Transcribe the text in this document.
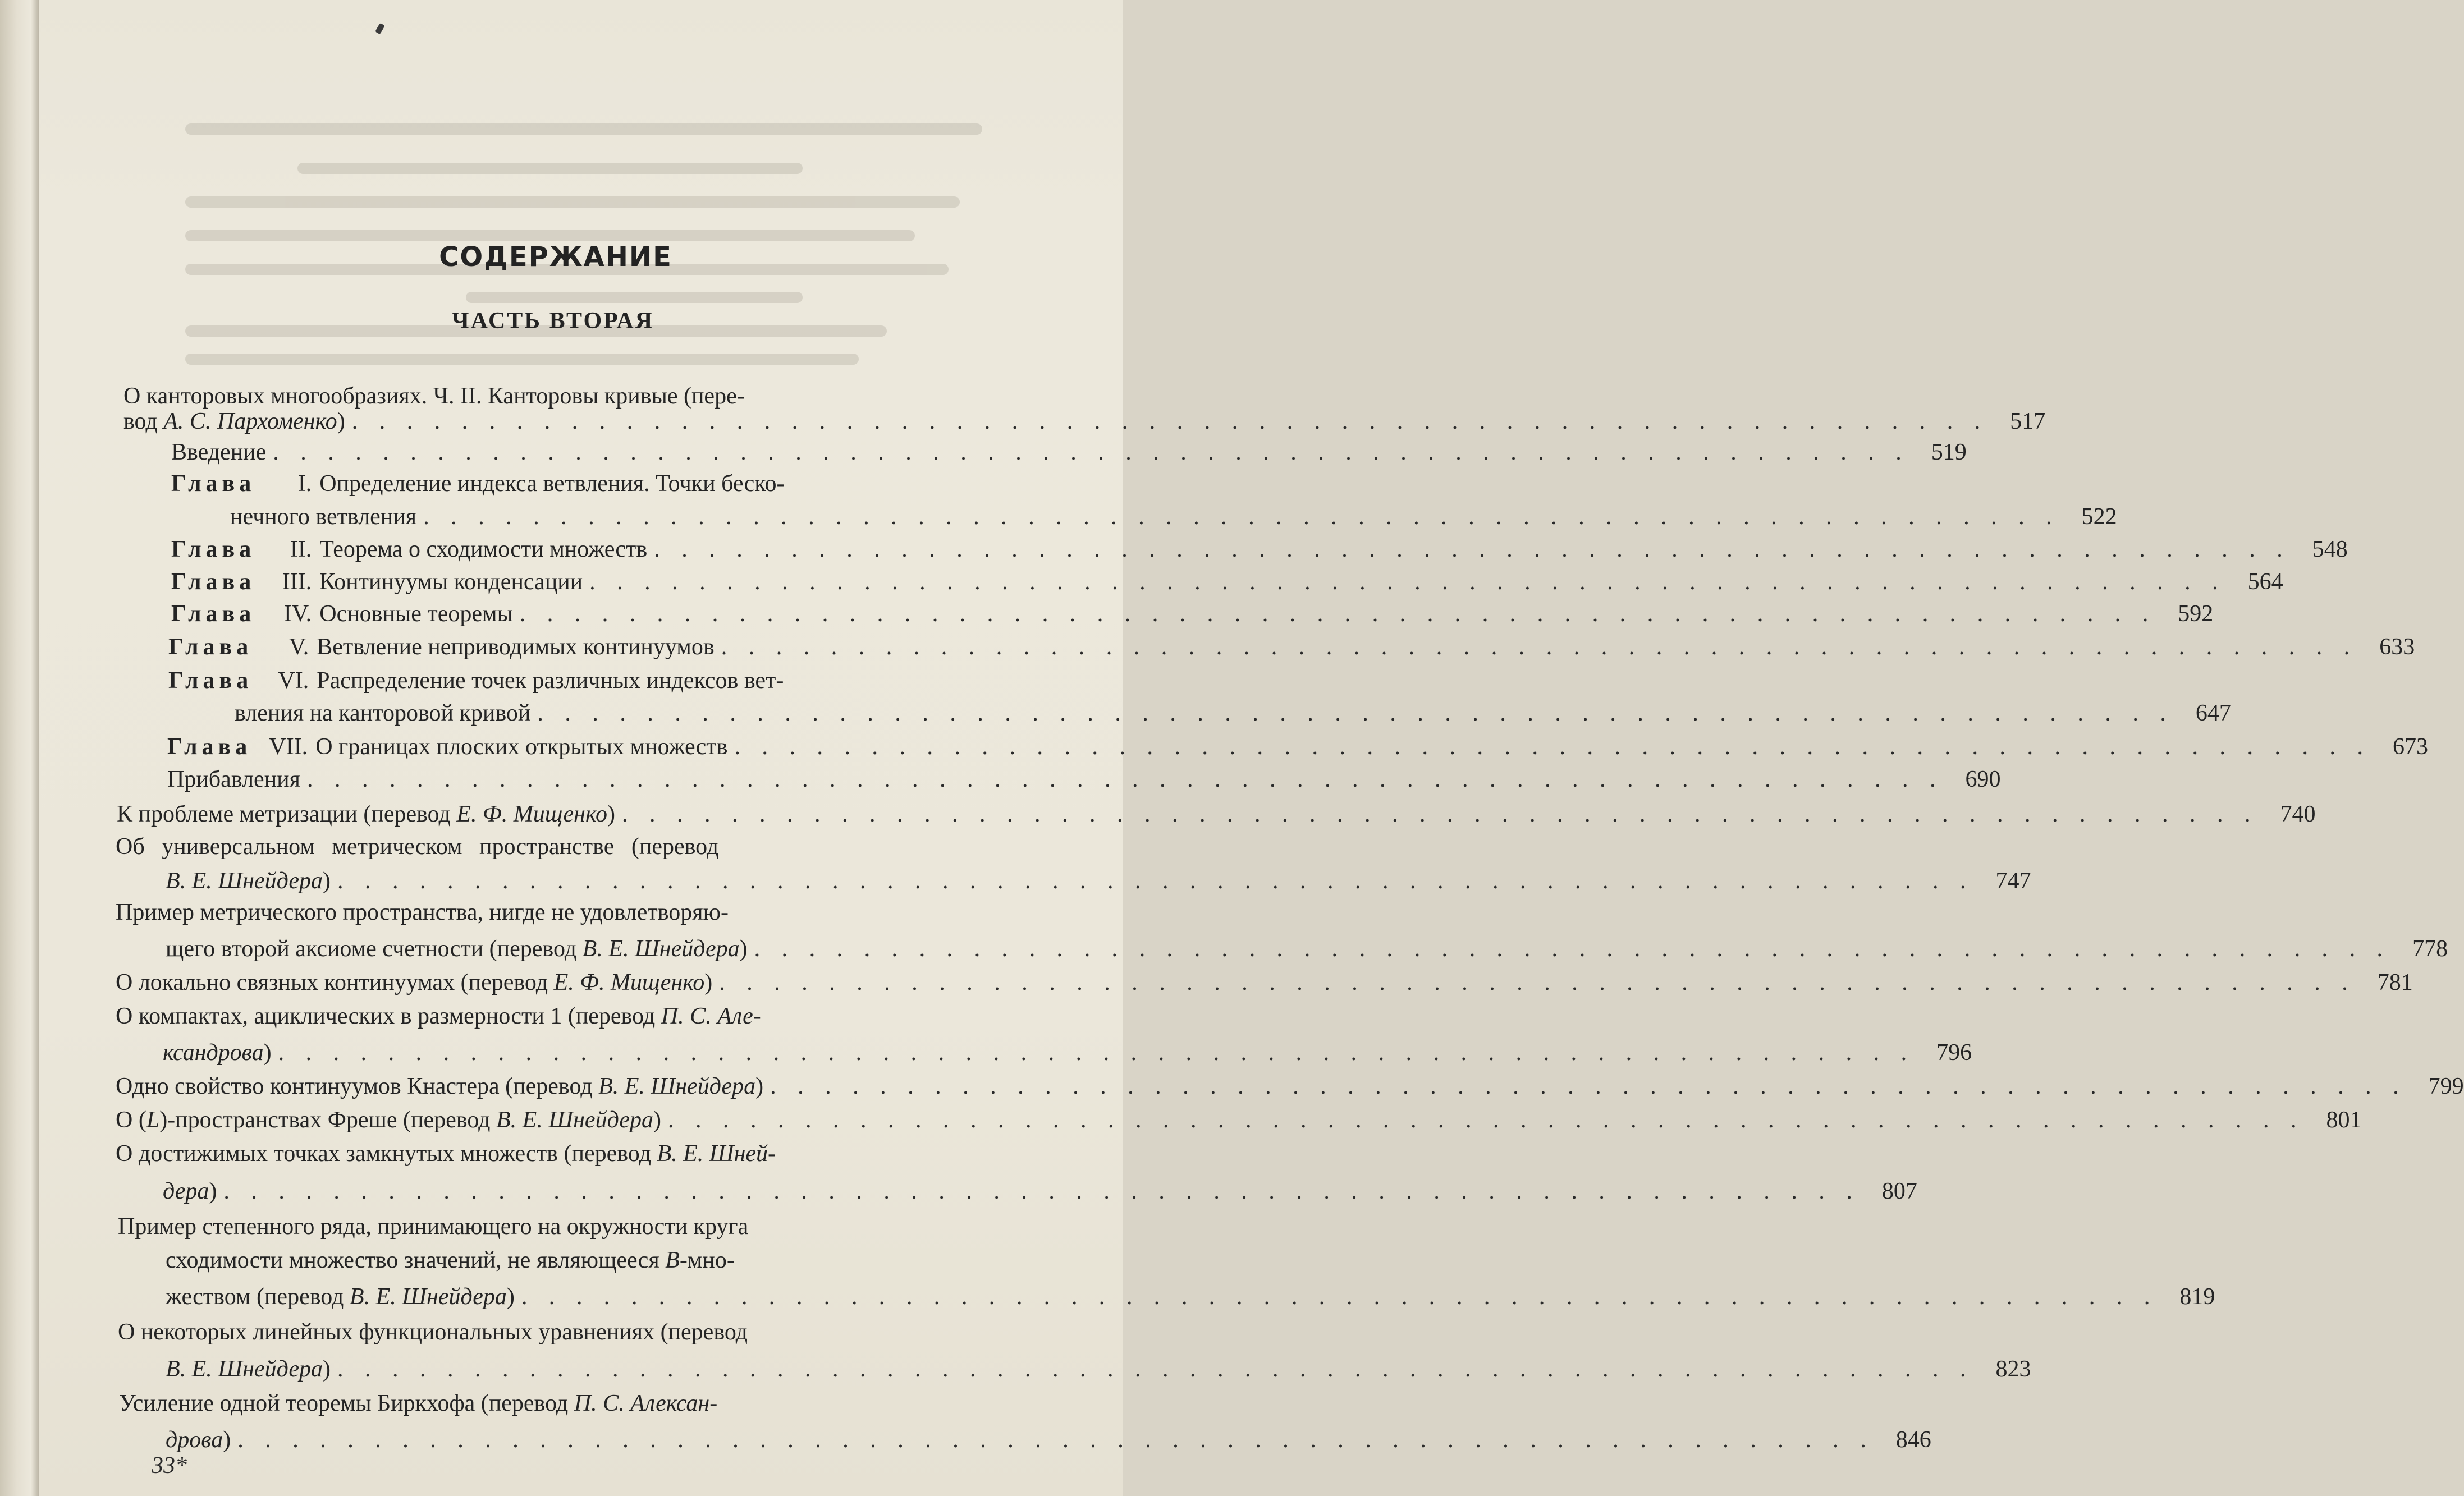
СОДЕРЖАНИЕ
ЧАСТЬ ВТОРАЯ
О канторовых многообразиях. Ч. II. Канторовы кривые (пере-
вод А. С. Пархоменко) . . . . . . . . . . . . . . . . . . . . . . . . . . . . . . . . . . . . . . . . . . . . . . . . . . . . . . . . . . . . 517
Введение . . . . . . . . . . . . . . . . . . . . . . . . . . . . . . . . . . . . . . . . . . . . . . . . . . . . . . . . . . . . 519
Глава	I. Определение индекса ветвления. Точки беско-
нечного ветвления . . . . . . . . . . . . . . . . . . . . . . . . . . . . . . . . . . . . . . . . . . . . . . . . . . . . . . . . . . . . 522
Глава	II. Теорема о сходимости множеств . . . . . . . . . . . . . . . . . . . . . . . . . . . . . . . . . . . . . . . . . . . . . . . . . . . . . . . . . . . . 548
Глава	III. Континуумы конденсации . . . . . . . . . . . . . . . . . . . . . . . . . . . . . . . . . . . . . . . . . . . . . . . . . . . . . . . . . . . . 564
Глава	IV. Основные теоремы . . . . . . . . . . . . . . . . . . . . . . . . . . . . . . . . . . . . . . . . . . . . . . . . . . . . . . . . . . . . 592
Глава	V. Ветвление неприводимых континуумов . . . . . . . . . . . . . . . . . . . . . . . . . . . . . . . . . . . . . . . . . . . . . . . . . . . . . . . . . . . . 633
Глава	VI. Распределение точек различных индексов вет-
вления на канторовой кривой . . . . . . . . . . . . . . . . . . . . . . . . . . . . . . . . . . . . . . . . . . . . . . . . . . . . . . . . . . . . 647
Глава VII. О границах плоских открытых множеств . . . . . . . . . . . . . . . . . . . . . . . . . . . . . . . . . . . . . . . . . . . . . . . . . . . . . . . . . . . . 673
Прибавления . . . . . . . . . . . . . . . . . . . . . . . . . . . . . . . . . . . . . . . . . . . . . . . . . . . . . . . . . . . . 690
К проблеме метризации (перевод Е. Ф. Мищенко) . . . . . . . . . . . . . . . . . . . . . . . . . . . . . . . . . . . . . . . . . . . . . . . . . . . . . . . . . . . . 740
Об универсальном метрическом пространстве (перевод
В. Е. Шнейдера) . . . . . . . . . . . . . . . . . . . . . . . . . . . . . . . . . . . . . . . . . . . . . . . . . . . . . . . . . . . . 747
Пример метрического пространства, нигде не удовлетворяю-
щего второй аксиоме счетности (перевод В. Е. Шнейдера) . . . . . . . . . . . . . . . . . . . . . . . . . . . . . . . . . . . . . . . . . . . . . . . . . . . . . . . . . . . . 778
О локально связных континуумах (перевод Е. Ф. Мищенко) . . . . . . . . . . . . . . . . . . . . . . . . . . . . . . . . . . . . . . . . . . . . . . . . . . . . . . . . . . . . 781
О компактах, ациклических в размерности 1 (перевод П. С. Але-
ксандрова) . . . . . . . . . . . . . . . . . . . . . . . . . . . . . . . . . . . . . . . . . . . . . . . . . . . . . . . . . . . . 796
Одно свойство континуумов Кнастера (перевод В. Е. Шнейдера) . . . . . . . . . . . . . . . . . . . . . . . . . . . . . . . . . . . . . . . . . . . . . . . . . . . . . . . . . . . . 799
О (L)-пространствах Фреше (перевод В. Е. Шнейдера) . . . . . . . . . . . . . . . . . . . . . . . . . . . . . . . . . . . . . . . . . . . . . . . . . . . . . . . . . . . . 801
О достижимых точках замкнутых множеств (перевод В. Е. Шней-
дера) . . . . . . . . . . . . . . . . . . . . . . . . . . . . . . . . . . . . . . . . . . . . . . . . . . . . . . . . . . . . 807
Пример степенного ряда, принимающего на окружности круга
сходимости множество значений, не являющееся В-мно-
жеством (перевод В. Е. Шнейдера) . . . . . . . . . . . . . . . . . . . . . . . . . . . . . . . . . . . . . . . . . . . . . . . . . . . . . . . . . . . . 819
О некоторых линейных функциональных уравнениях (перевод
В. Е. Шнейдера) . . . . . . . . . . . . . . . . . . . . . . . . . . . . . . . . . . . . . . . . . . . . . . . . . . . . . . . . . . . . 823
Усиление одной теоремы Биркхофа (перевод П. С. Алексан-
дрова) . . . . . . . . . . . . . . . . . . . . . . . . . . . . . . . . . . . . . . . . . . . . . . . . . . . . . . . . . . . . 846
33*
